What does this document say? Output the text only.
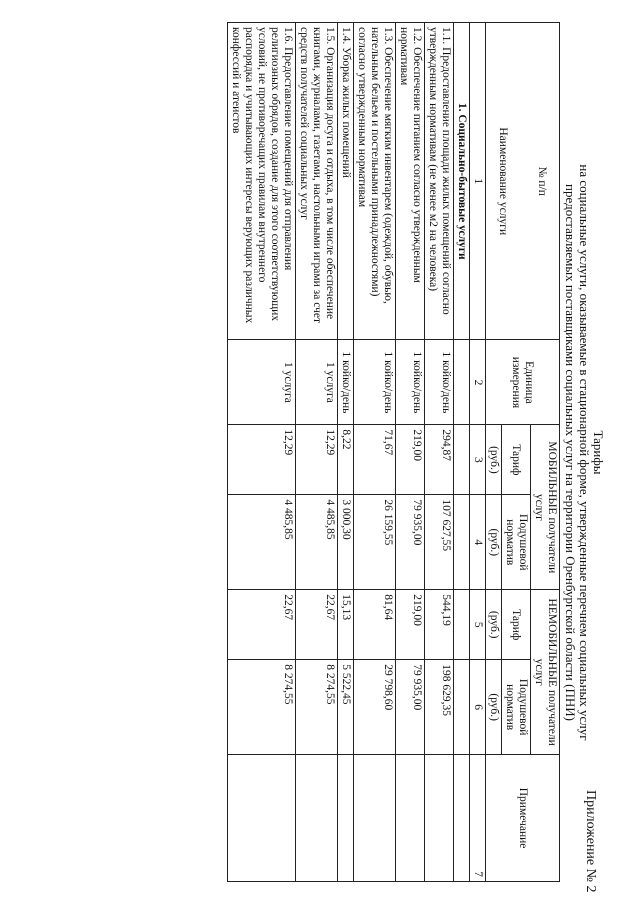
Приложение № 2
Тарифы
на социальные услуги, оказываемые в стационарной форме, утвержденные перечнем социальных услуг
предоставляемых поставщиками социальных услуг на территории Оренбургской области (ПНИ)
№ п/п
Наименование услуги	Единица измерения	МОБИЛЬНЫЕ получатели услуг		НЕМОБИЛЬНЫЕ получатели услуг		Примечание
		Тариф	Подушевой норматив	Тариф	Подушевой норматив	
		(руб.)	(руб.)	(руб.)	(руб.)	
1	2	3	4	5	6	7
1. Социально-бытовые услуги						
1.1. Предоставление площади жилых помещений согласно утвержденным нормативам (не менее м2 на человека)	1 койко/день	294,87	107 627,55	544,19	198 629,35	
1.2. Обеспечение питанием согласно утвержденным нормативам	1 койко/день	219,00	79 935,00	219,00	79 935,00	
1.3. Обеспечение мягким инвентарем (одеждой, обувью, нательным бельем и постельными принадлежностями) согласно утвержденным нормативам	1 койко/день	71,67	26 159,55	81,64	29 798,60	
1.4. Уборка жилых помещений	1 койко/день	8,22	3 000,30	15,13	5 522,45	
1.5. Организация досуга и отдыха, в том числе обеспечение книгами, журналами, газетами, настольными играми за счет средств получателей социальных услуг	1 услуга	12,29	4 485,85	22,67	8 274,55	
1.6. Предоставление помещений для отправления религиозных обрядов, создание для этого соответствующих условий, не противоречащих правилам внутреннего распорядка и учитывающих интересы верующих различных конфессий и атеистов	1 услуга	12,29	4 485,85	22,67	8 274,55	
